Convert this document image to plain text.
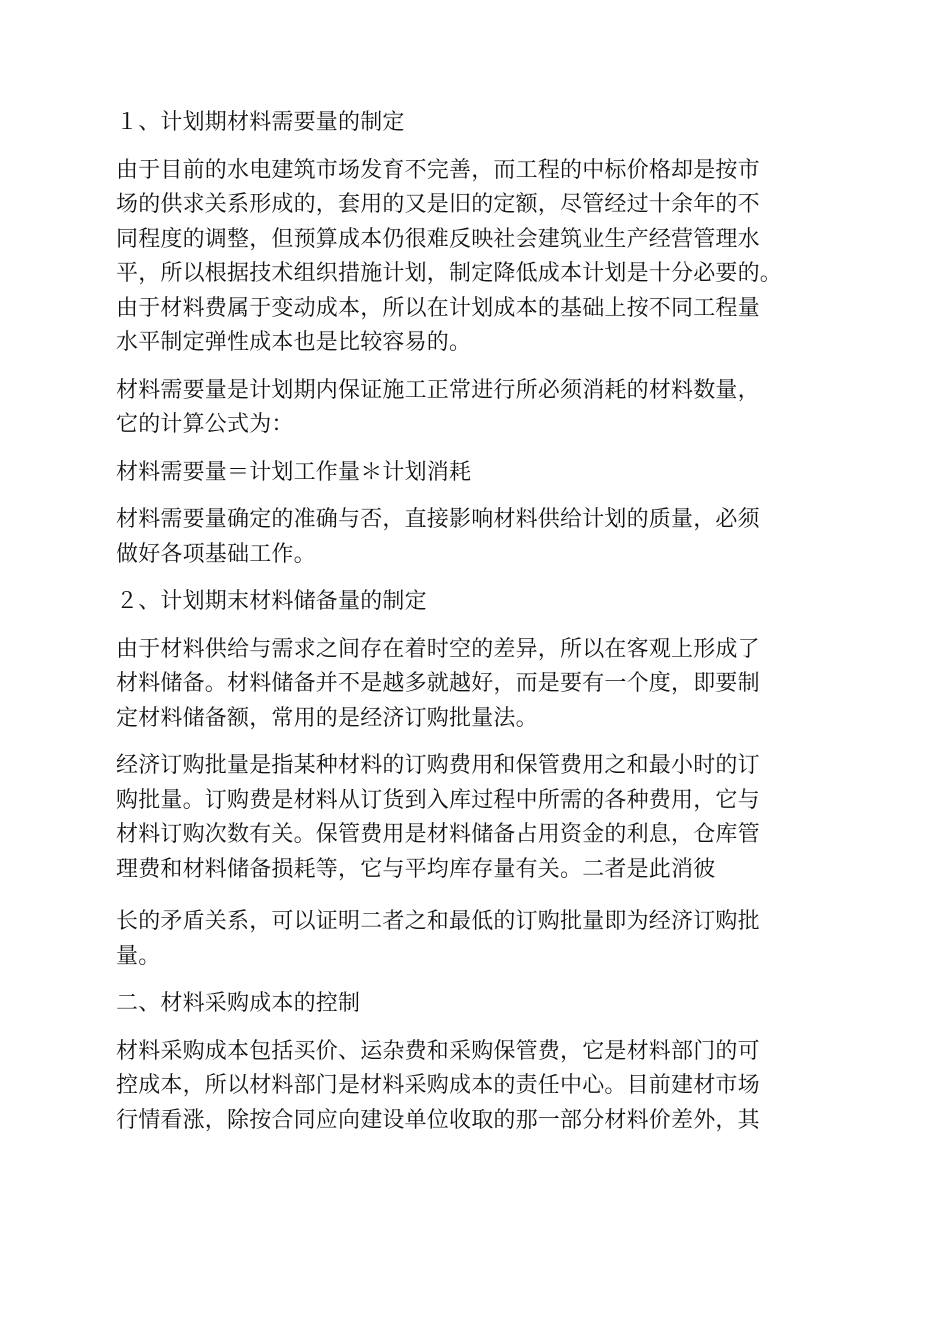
１、计划期材料需要量的制定

由于目前的水电建筑市场发育不完善，而工程的中标价格却是按市
场的供求关系形成的，套用的又是旧的定额，尽管经过十余年的不
同程度的调整，但预算成本仍很难反映社会建筑业生产经营管理水
平，所以根据技术组织措施计划，制定降低成本计划是十分必要的。
由于材料费属于变动成本，所以在计划成本的基础上按不同工程量
水平制定弹性成本也是比较容易的。

材料需要量是计划期内保证施工正常进行所必须消耗的材料数量，
它的计算公式为：

材料需要量＝计划工作量＊计划消耗

材料需要量确定的准确与否，直接影响材料供给计划的质量，必须
做好各项基础工作。

２、计划期末材料储备量的制定

由于材料供给与需求之间存在着时空的差异，所以在客观上形成了
材料储备。材料储备并不是越多就越好，而是要有一个度，即要制
定材料储备额，常用的是经济订购批量法。

经济订购批量是指某种材料的订购费用和保管费用之和最小时的订
购批量。订购费是材料从订货到入库过程中所需的各种费用，它与
材料订购次数有关。保管费用是材料储备占用资金的利息，仓库管
理费和材料储备损耗等，它与平均库存量有关。二者是此消彼

长的矛盾关系，可以证明二者之和最低的订购批量即为经济订购批
量。

二、材料采购成本的控制

材料采购成本包括买价、运杂费和采购保管费，它是材料部门的可
控成本，所以材料部门是材料采购成本的责任中心。目前建材市场
行情看涨，除按合同应向建设单位收取的那一部分材料价差外，其
